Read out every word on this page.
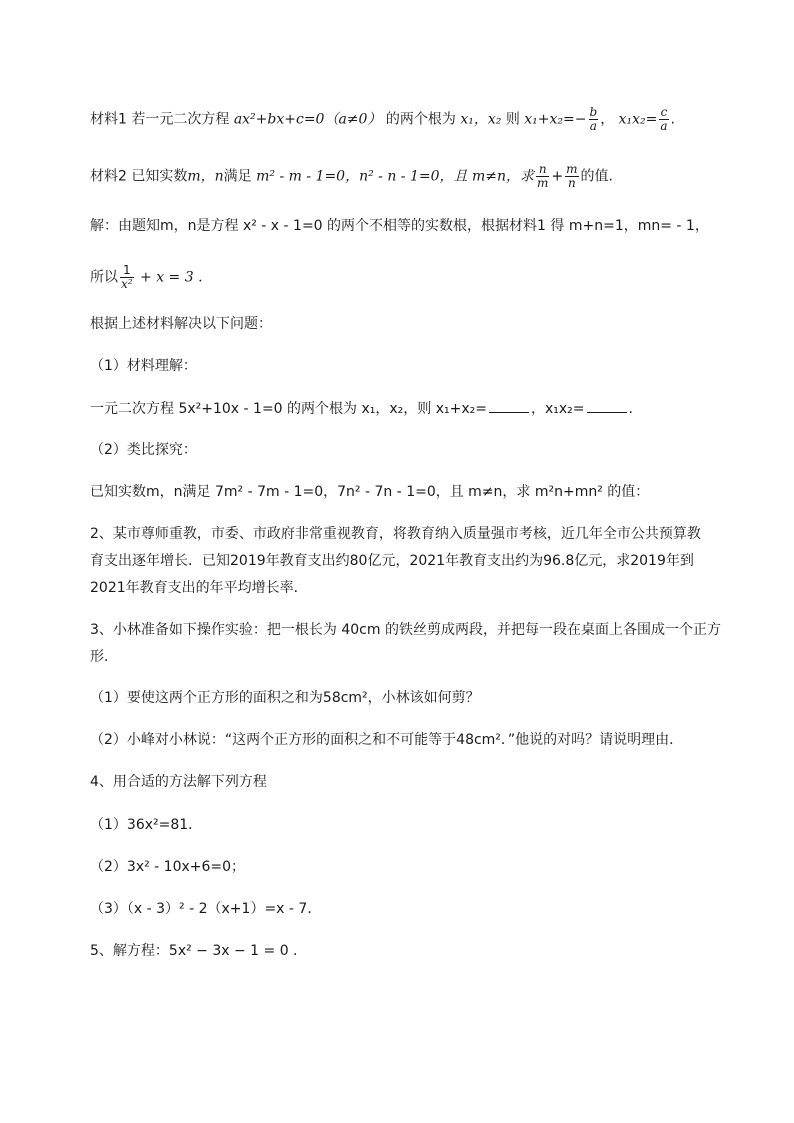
材料1 若一元二次方程 ax²+bx+c=0（a≠0） 的两个根为 x₁，x₂ 则 $x_1+x_2=- \frac{b}{a}$ ， $x_1x_2= \frac{c}{a}$ .
材料2 已知实数m，n满足 m² - m - 1=0，n² - n - 1=0，且 m≠n，求 $\frac{n}{m} + \frac{m}{n}$ 的值.
解：由题知m，n是方程 x² - x - 1=0 的两个不相等的实数根，根据材料1 得 m+n=1，mn= - 1，
所以 $\frac{1}{\text{x²}} + x = 3$ .
根据上述材料解决以下问题：
（1）材料理解：
一元二次方程 5x²+10x - 1=0 的两个根为 x₁，x₂，则 x₁+x₂=	，x₁x₂=	.
（2）类比探究：
已知实数m，n满足 7m² - 7m - 1=0，7n² - 7n - 1=0，且 m≠n，求 m²n+mn² 的值：
2、某市尊师重教，市委、市政府非常重视教育，将教育纳入质量强市考核，近几年全市公共预算教
育支出逐年增长．已知2019年教育支出约80亿元，2021年教育支出约为96.8亿元，求2019年到
2021年教育支出的年平均增长率．
3、小林准备如下操作实验：把一根长为 40cm 的铁丝剪成两段，并把每一段在桌面上各围成一个正方
形．
（1）要使这两个正方形的面积之和为58cm²，小林该如何剪？
（2）小峰对小林说：“这两个正方形的面积之和不可能等于48cm²．”他说的对吗？请说明理由．
4、用合适的方法解下列方程
（1）36x²=81．
（2）3x² - 10x+6=0；
（3）（x - 3）² - 2（x+1）=x - 7．
5、解方程：5x² − 3x − 1 = 0 .
